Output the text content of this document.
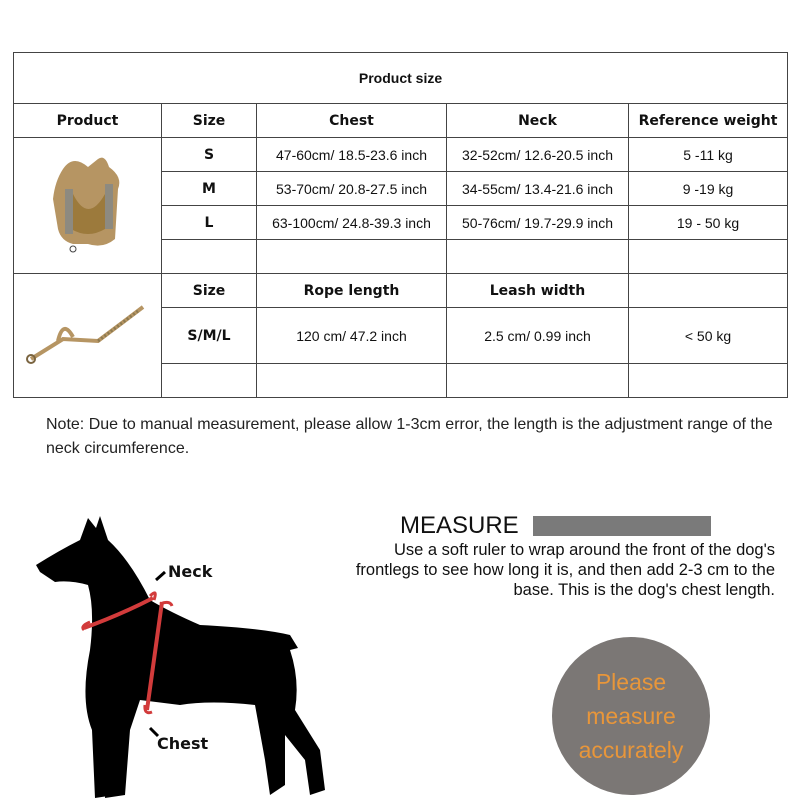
Product size				
Product	Size	Chest	Neck	Reference weight
	S	47-60cm/ 18.5-23.6 inch	32-52cm/ 12.6-20.5 inch	5 -11 kg
	M	53-70cm/ 20.8-27.5 inch	34-55cm/ 13.4-21.6 inch	9 -19 kg
	L	63-100cm/ 24.8-39.3 inch	50-76cm/ 19.7-29.9 inch	19 - 50 kg

	Size	Rope length	Leash width	
	S/M/L	120 cm/ 47.2 inch	2.5 cm/ 0.99 inch	< 50 kg

Note: Due to manual measurement, please allow 1-3cm error, the length is the adjustment range of the neck circumference.
Neck
Chest
MEASURE
Use a soft ruler to wrap around the front of the dog's frontlegs to see how long it is, and then add 2-3 cm to the base. This is the dog's chest length.
Please
measure
accurately
